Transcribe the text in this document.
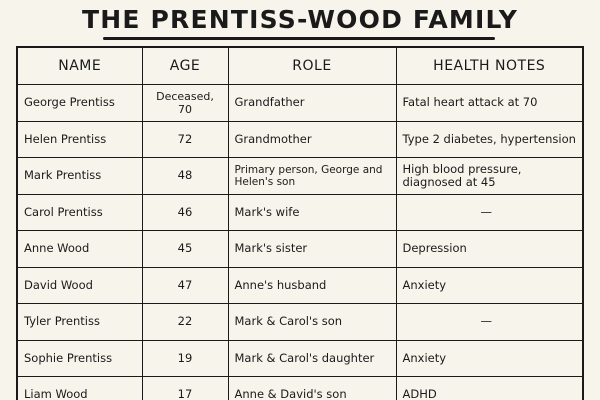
THE PRENTISS-WOOD FAMILY
NAME	AGE	ROLE	HEALTH NOTES
George Prentiss	Deceased, 70	Grandfather	Fatal heart attack at 70
Helen Prentiss	72	Grandmother	Type 2 diabetes, hypertension
Mark Prentiss	48	Primary person, George and Helen's son	High blood pressure, diagnosed at 45
Carol Prentiss	46	Mark's wife	—
Anne Wood	45	Mark's sister	Depression
David Wood	47	Anne's husband	Anxiety
Tyler Prentiss	22	Mark & Carol's son	—
Sophie Prentiss	19	Mark & Carol's daughter	Anxiety
Liam Wood	17	Anne & David's son	ADHD
